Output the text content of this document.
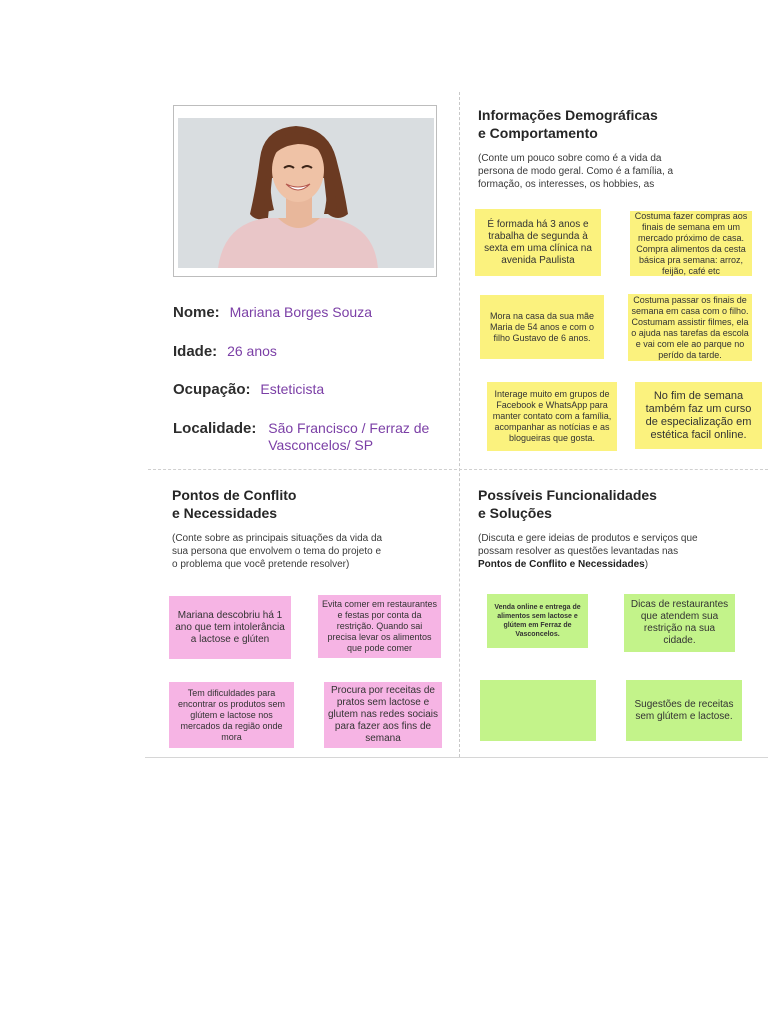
Nome: Mariana Borges Souza
Idade: 26 anos
Ocupação: Esteticista
Localidade: São Francisco / Ferraz de
Vasconcelos/ SP
Informações Demográficas
e Comportamento
(Conte um pouco sobre como é a vida da
persona de modo geral. Como é a família, a
formação, os interesses, os hobbies, as
É formada há 3 anos e trabalha de segunda à sexta em uma clínica na avenida Paulista
Costuma fazer compras aos finais de semana em um mercado próximo de casa. Compra alimentos da cesta básica pra semana: arroz, feijão, café etc
Mora na casa da sua mãe Maria de 54 anos e com o filho Gustavo de 6 anos.
Costuma passar os finais de semana em casa com o filho. Costumam assistir filmes, ela o ajuda nas tarefas da escola e vai com ele ao parque no perído da tarde.
Interage muito em grupos de Facebook e WhatsApp para manter contato com a família, acompanhar as notícias e as blogueiras que gosta.
No fim de semana também faz um curso de especialização em estética facil online.
Pontos de Conflito
e Necessidades
(Conte sobre as principais situações da vida da
sua persona que envolvem o tema do projeto e
o problema que você pretende resolver)
Mariana descobriu há 1 ano que tem intolerância a lactose e glúten
Evita comer em restaurantes e festas por conta da restrição. Quando sai precisa levar os alimentos que pode comer
Tem dificuldades para encontrar os produtos sem glútem e lactose nos mercados da região onde mora
Procura por receitas de pratos sem lactose e glutem nas redes sociais para fazer aos fins de semana
Possíveis Funcionalidades
e Soluções
(Discuta e gere ideias de produtos e serviços que
possam resolver as questões levantadas nas
Pontos de Conflito e Necessidades)
Venda online e entrega de alimentos sem lactose e glútem em Ferraz de Vasconcelos.
Dicas de restaurantes que atendem sua restrição na sua cidade.
Sugestões de receitas sem glútem e lactose.
